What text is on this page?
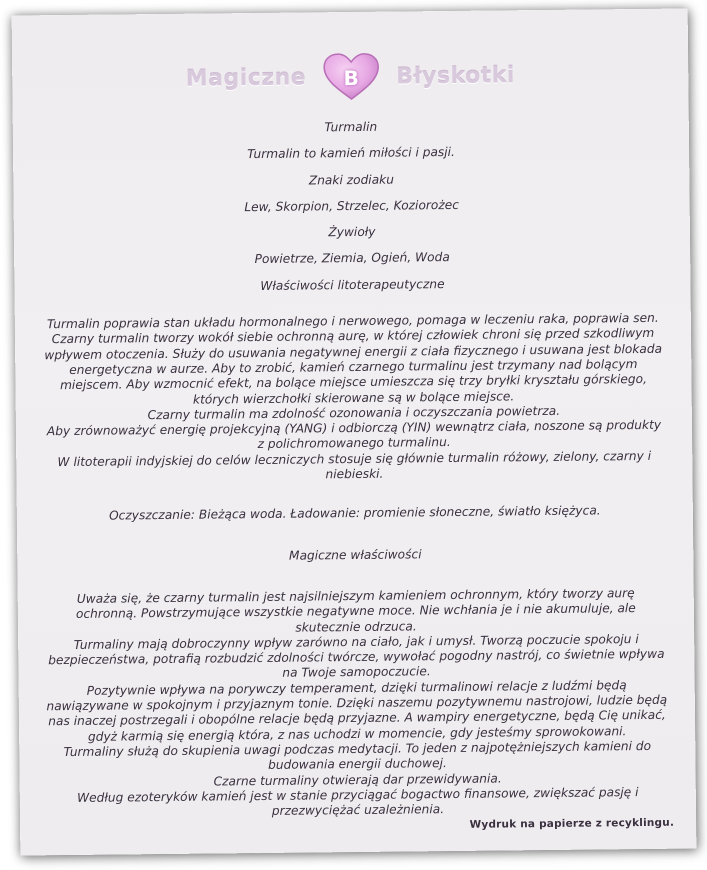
Magiczne	B	Błyskotki

Turmalin

Turmalin to kamień miłości i pasji.

Znaki zodiaku

Lew, Skorpion, Strzelec, Koziorożec

Żywioły

Powietrze, Ziemia, Ogień, Woda

Właściwości litoterapeutyczne

Turmalin poprawia stan układu hormonalnego i nerwowego, pomaga w leczeniu raka, poprawia sen.

Czarny turmalin tworzy wokół siebie ochronną aurę, w której człowiek chroni się przed szkodliwym

wpływem otoczenia. Służy do usuwania negatywnej energii z ciała fizycznego i usuwana jest blokada

energetyczna w aurze. Aby to zrobić, kamień czarnego turmalinu jest trzymany nad bolącym

miejscem. Aby wzmocnić efekt, na bolące miejsce umieszcza się trzy bryłki kryształu górskiego,

których wierzchołki skierowane są w bolące miejsce.

Czarny turmalin ma zdolność ozonowania i oczyszczania powietrza.

Aby zrównoważyć energię projekcyjną (YANG) i odbiorczą (YIN) wewnątrz ciała, noszone są produkty

z polichromowanego turmalinu.

W litoterapii indyjskiej do celów leczniczych stosuje się głównie turmalin różowy, zielony, czarny i

niebieski.

Oczyszczanie: Bieżąca woda. Ładowanie: promienie słoneczne, światło księżyca.

Magiczne właściwości

Uważa się, że czarny turmalin jest najsilniejszym kamieniem ochronnym, który tworzy aurę

ochronną. Powstrzymujące wszystkie negatywne moce. Nie wchłania je i nie akumuluje, ale

skutecznie odrzuca.

Turmaliny mają dobroczynny wpływ zarówno na ciało, jak i umysł. Tworzą poczucie spokoju i

bezpieczeństwa, potrafią rozbudzić zdolności twórcze, wywołać pogodny nastrój, co świetnie wpływa

na Twoje samopoczucie.

Pozytywnie wpływa na porywczy temperament, dzięki turmalinowi relacje z ludźmi będą

nawiązywane w spokojnym i przyjaznym tonie. Dzięki naszemu pozytywnemu nastrojowi, ludzie będą

nas inaczej postrzegali i obopólne relacje będą przyjazne. A wampiry energetyczne, będą Cię unikać,

gdyż karmią się energią która, z nas uchodzi w momencie, gdy jesteśmy sprowokowani.

Turmaliny służą do skupienia uwagi podczas medytacji. To jeden z najpotężniejszych kamieni do

budowania energii duchowej.

Czarne turmaliny otwierają dar przewidywania.

Według ezoteryków kamień jest w stanie przyciągać bogactwo finansowe, zwiększać pasję i

przezwyciężać uzależnienia.

Wydruk na papierze z recyklingu.
